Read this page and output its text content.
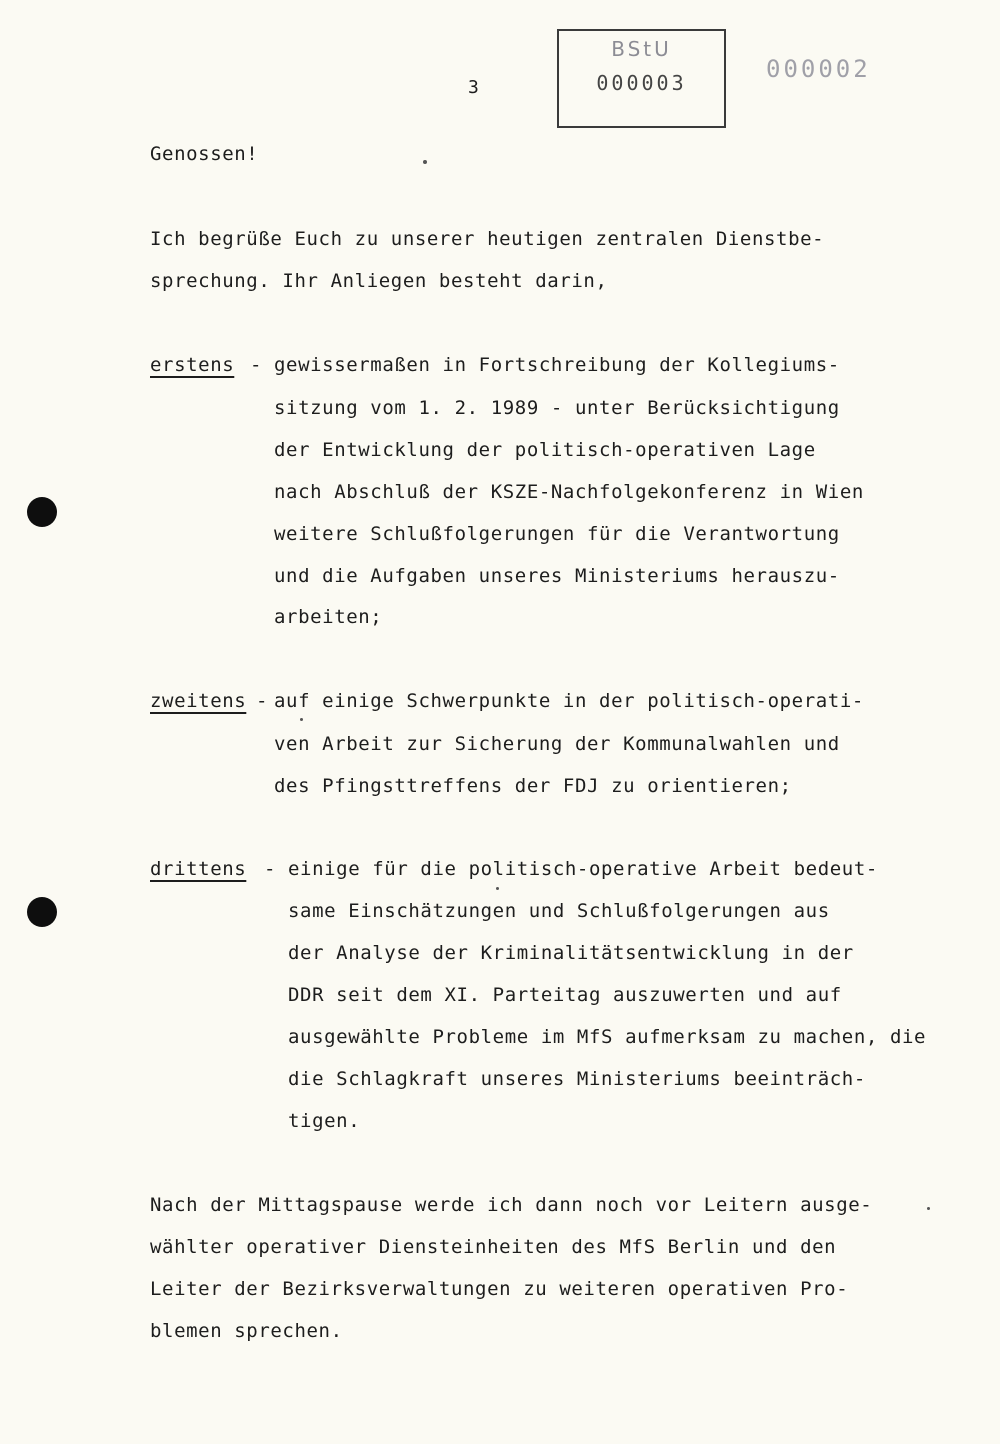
3
BStU
000003	000002
Genossen!
Ich begrüße Euch zu unserer heutigen zentralen Dienstbe-
sprechung. Ihr Anliegen besteht darin,
erstens - gewissermaßen in Fortschreibung der Kollegiums-
sitzung vom 1. 2. 1989 - unter Berücksichtigung
der Entwicklung der politisch-operativen Lage
nach Abschluß der KSZE-Nachfolgekonferenz in Wien
weitere Schlußfolgerungen für die Verantwortung
und die Aufgaben unseres Ministeriums herauszu-
arbeiten;
zweitens - auf einige Schwerpunkte in der politisch-operati-
ven Arbeit zur Sicherung der Kommunalwahlen und
des Pfingsttreffens der FDJ zu orientieren;
drittens - einige für die politisch-operative Arbeit bedeut-
same Einschätzungen und Schlußfolgerungen aus
der Analyse der Kriminalitätsentwicklung in der
DDR seit dem XI. Parteitag auszuwerten und auf
ausgewählte Probleme im MfS aufmerksam zu machen, die
die Schlagkraft unseres Ministeriums beeinträch-
tigen.
Nach der Mittagspause werde ich dann noch vor Leitern ausge-
wählter operativer Diensteinheiten des MfS Berlin und den
Leiter der Bezirksverwaltungen zu weiteren operativen Pro-
blemen sprechen.
